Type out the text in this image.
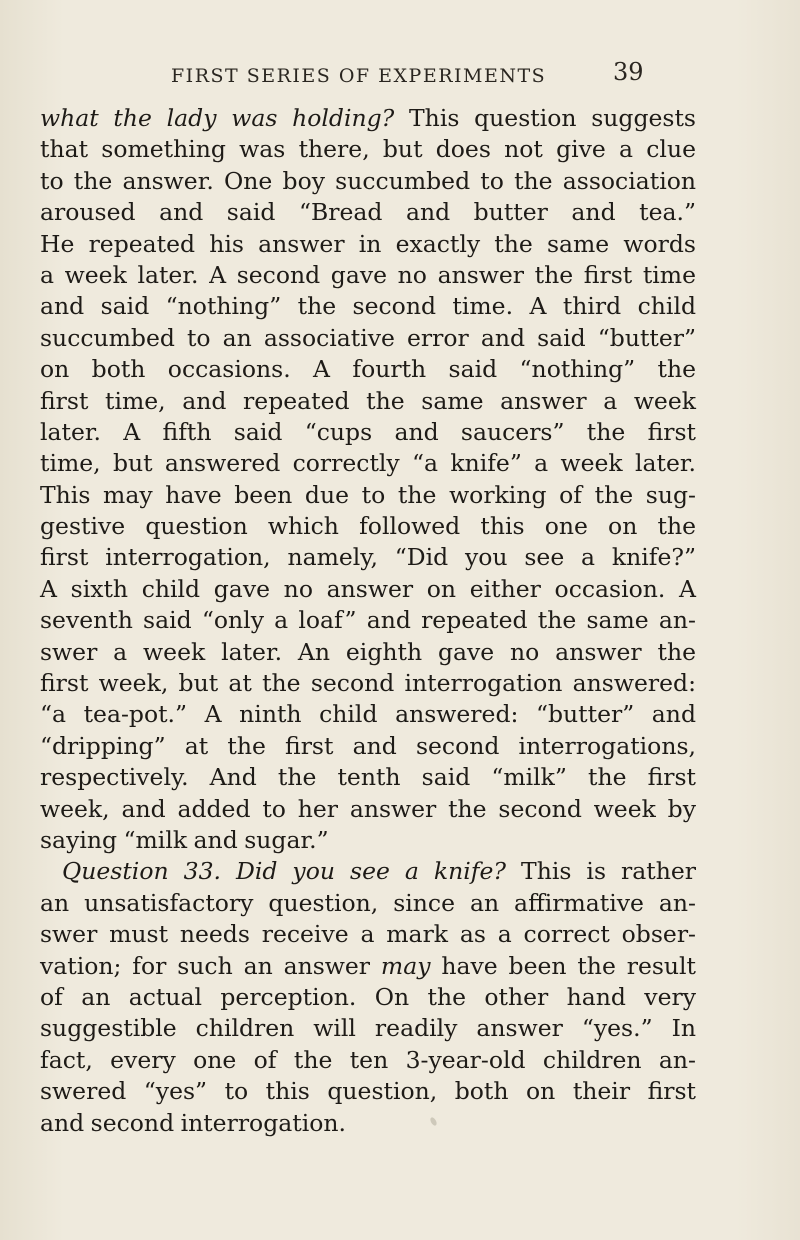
FIRST SERIES OF EXPERIMENTS	39
what the lady was holding? This question suggests
that something was there, but does not give a clue
to the answer. One boy succumbed to the association
aroused and said “Bread and butter and tea.”
He repeated his answer in exactly the same words
a week later. A second gave no answer the first time
and said “nothing” the second time. A third child
succumbed to an associative error and said “butter”
on both occasions. A fourth said “nothing” the
first time, and repeated the same answer a week
later. A fifth said “cups and saucers” the first
time, but answered correctly “a knife” a week later.
This may have been due to the working of the sug-
gestive question which followed this one on the
first interrogation, namely, “Did you see a knife?”
A sixth child gave no answer on either occasion. A
seventh said “only a loaf” and repeated the same an-
swer a week later. An eighth gave no answer the
first week, but at the second interrogation answered:
“a tea-pot.” A ninth child answered: “butter” and
“dripping” at the first and second interrogations,
respectively. And the tenth said “milk” the first
week, and added to her answer the second week by
saying “milk and sugar.”
Question 33. Did you see a knife? This is rather
an unsatisfactory question, since an affirmative an-
swer must needs receive a mark as a correct obser-
vation; for such an answer may have been the result
of an actual perception. On the other hand very
suggestible children will readily answer “yes.” In
fact, every one of the ten 3-year-old children an-
swered “yes” to this question, both on their first
and second interrogation.
